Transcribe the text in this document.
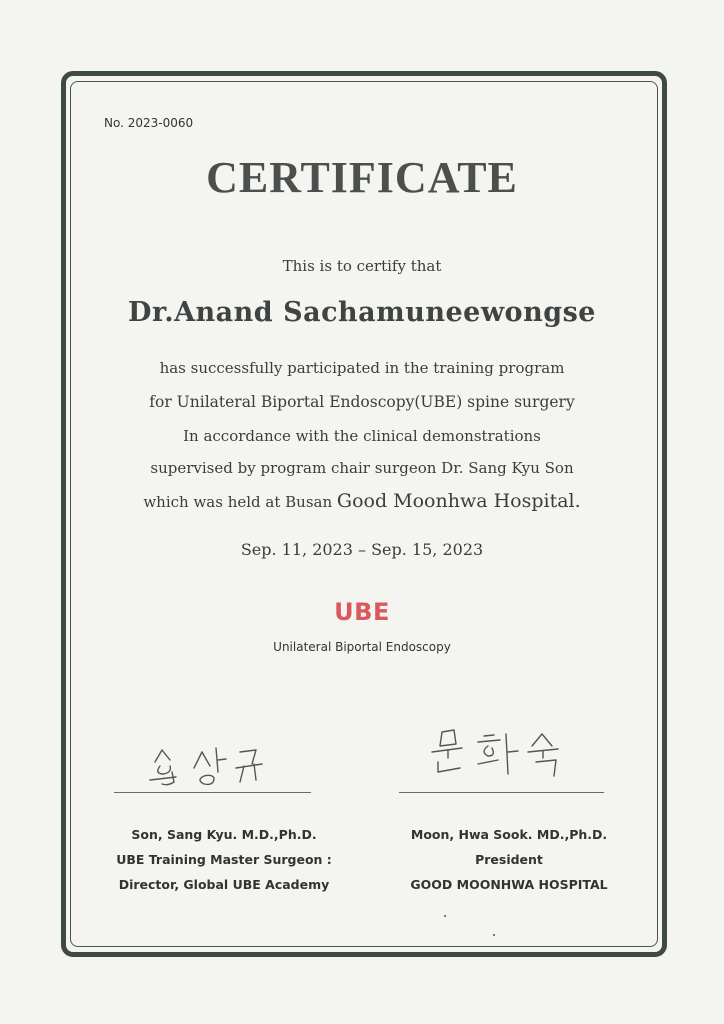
No. 2023-0060
CERTIFICATE
This is to certify that
Dr.Anand Sachamuneewongse
has successfully participated in the training program
for Unilateral Biportal Endoscopy(UBE) spine surgery
In accordance with the clinical demonstrations
supervised by program chair surgeon Dr. Sang Kyu Son
which was held at Busan Good Moonhwa Hospital.
Sep. 11, 2023 – Sep. 15, 2023
UBE
Unilateral Biportal Endoscopy
Son, Sang Kyu. M.D.,Ph.D.
UBE Training Master Surgeon :
Director, Global UBE Academy
Moon, Hwa Sook. MD.,Ph.D.
President
GOOD MOONHWA HOSPITAL
